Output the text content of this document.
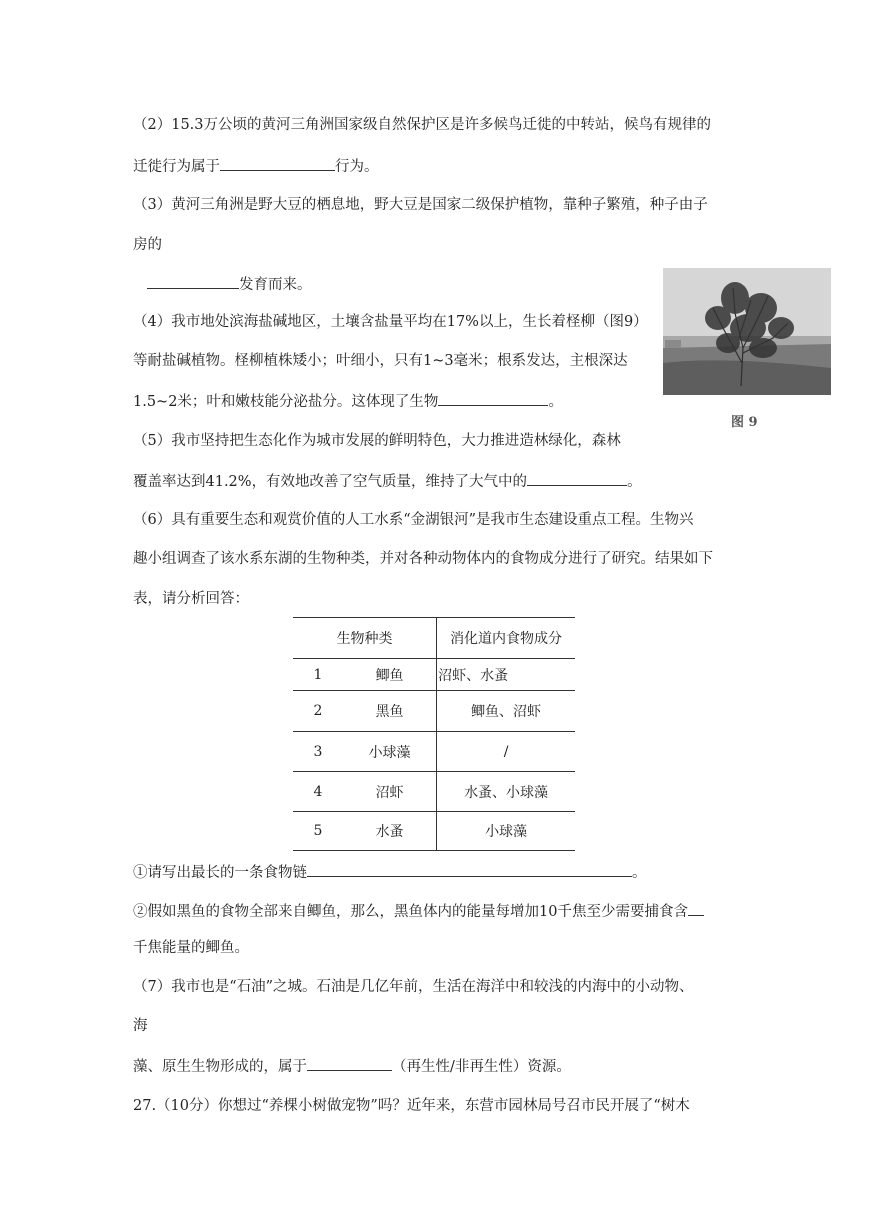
（2）15.3万公顷的黄河三角洲国家级自然保护区是许多候鸟迁徙的中转站，候鸟有规律的
迁徙行为属于	行为。
（3）黄河三角洲是野大豆的栖息地，野大豆是国家二级保护植物，靠种子繁殖，种子由子
房的
发育而来。
图 9
（4）我市地处滨海盐碱地区，土壤含盐量平均在17%以上，生长着柽柳（图9）
等耐盐碱植物。柽柳植株矮小；叶细小，只有1~3毫米；根系发达，主根深达
1.5~2米；叶和嫩枝能分泌盐分。这体现了生物	。
（5）我市坚持把生态化作为城市发展的鲜明特色，大力推进造林绿化，森林
覆盖率达到41.2%，有效地改善了空气质量，维持了大气中的	。
（6）具有重要生态和观赏价值的人工水系“金湖银河”是我市生态建设重点工程。生物兴
趣小组调查了该水系东湖的生物种类，并对各种动物体内的食物成分进行了研究。结果如下
表，请分析回答：
生物种类		消化道内食物成分
1	鲫鱼	沼虾、水蚤
2	黑鱼	鲫鱼、沼虾
3	小球藻	/
4	沼虾	水蚤、小球藻
5	水蚤	小球藻
①请写出最长的一条食物链	。
②假如黑鱼的食物全部来自鲫鱼，那么，黑鱼体内的能量每增加10千焦至少需要捕食含
千焦能量的鲫鱼。
（7）我市也是“石油”之城。石油是几亿年前，生活在海洋中和较浅的内海中的小动物、
海
藻、原生生物形成的，属于	（再生性/非再生性）资源。
27.（10分）你想过“养棵小树做宠物”吗？近年来，东营市园林局号召市民开展了“树木
